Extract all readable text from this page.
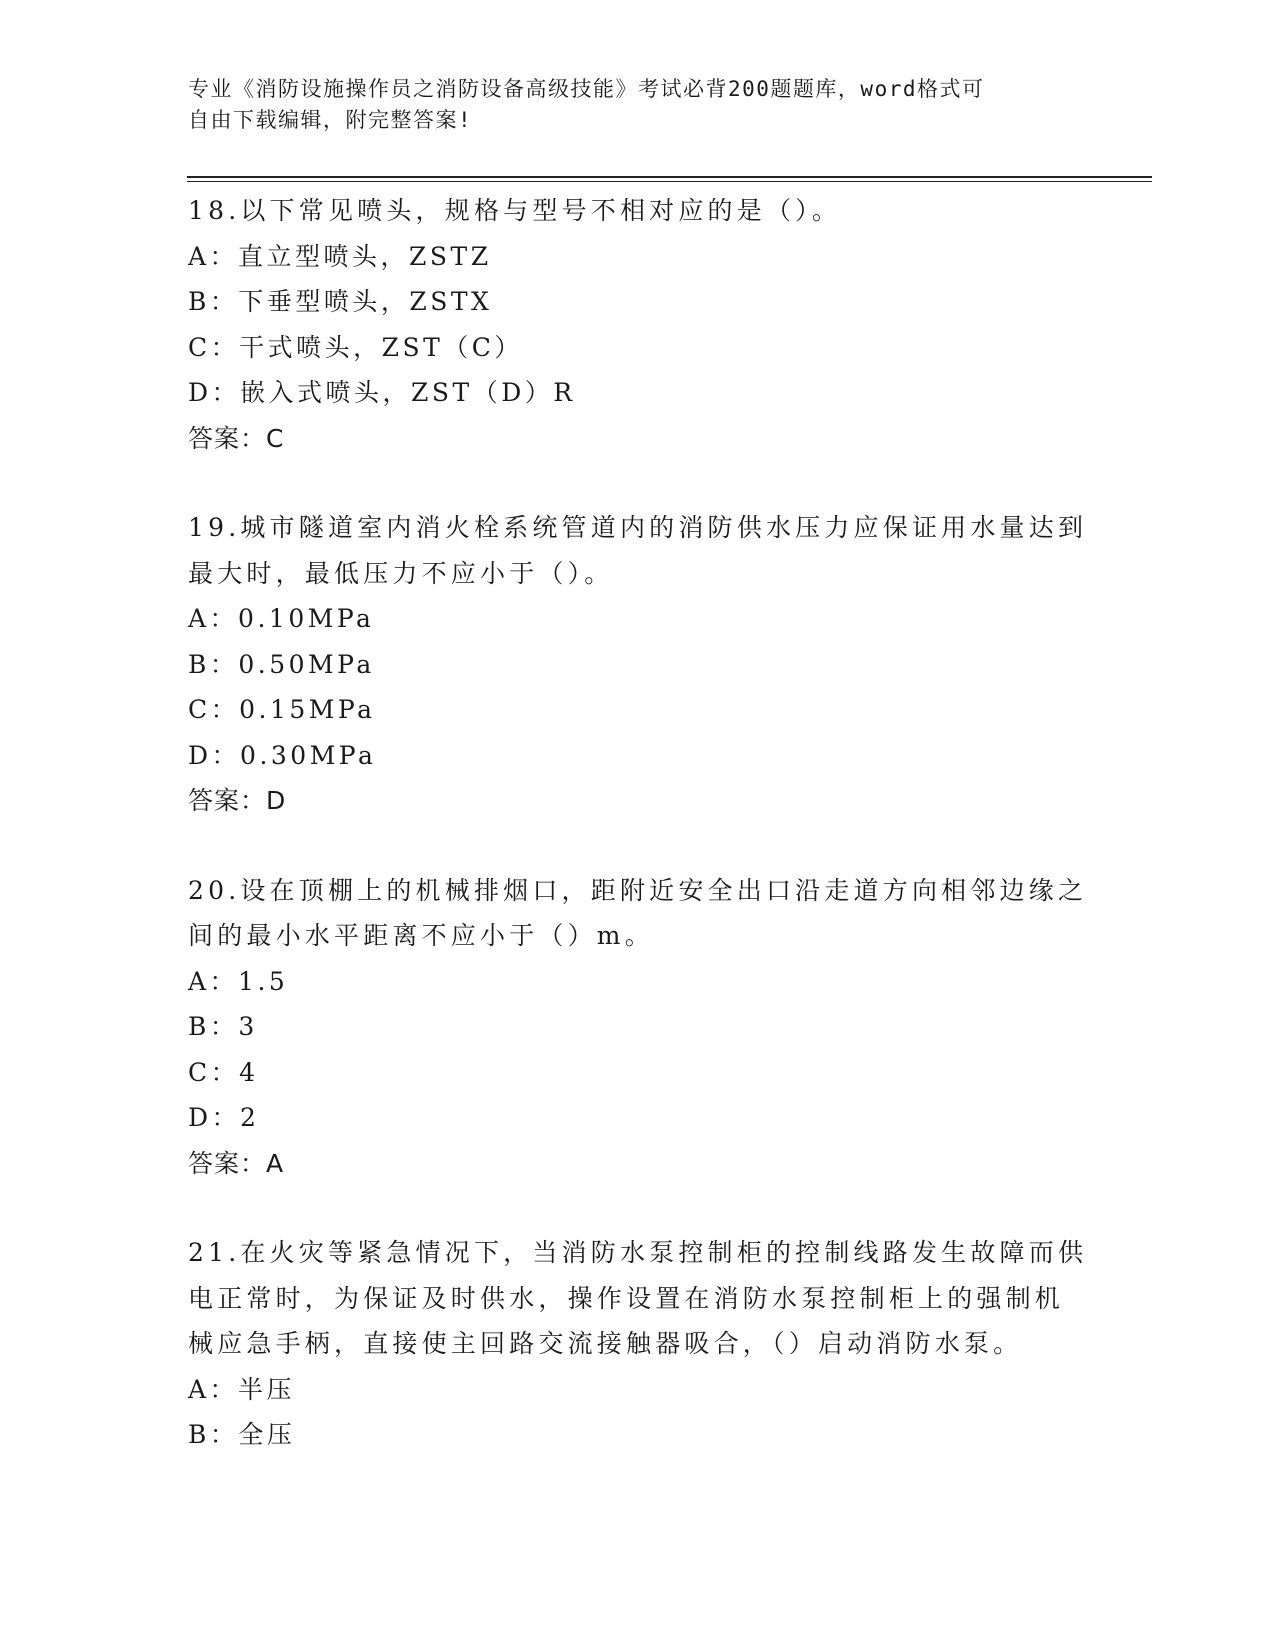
专业《消防设施操作员之消防设备高级技能》考试必背200题题库，word格式可
自由下载编辑，附完整答案!
18.以下常见喷头，规格与型号不相对应的是（）。
A：直立型喷头，ZSTZ
B：下垂型喷头，ZSTX
C：干式喷头，ZST（C）
D：嵌入式喷头，ZST（D）R
答案：C
19.城市隧道室内消火栓系统管道内的消防供水压力应保证用水量达到
最大时，最低压力不应小于（）。
A：0.10MPa
B：0.50MPa
C：0.15MPa
D：0.30MPa
答案：D
20.设在顶棚上的机械排烟口，距附近安全出口沿走道方向相邻边缘之
间的最小水平距离不应小于（）m。
A：1.5
B：3
C：4
D：2
答案：A
21.在火灾等紧急情况下，当消防水泵控制柜的控制线路发生故障而供
电正常时，为保证及时供水，操作设置在消防水泵控制柜上的强制机
械应急手柄，直接使主回路交流接触器吸合，（）启动消防水泵。
A：半压
B：全压
